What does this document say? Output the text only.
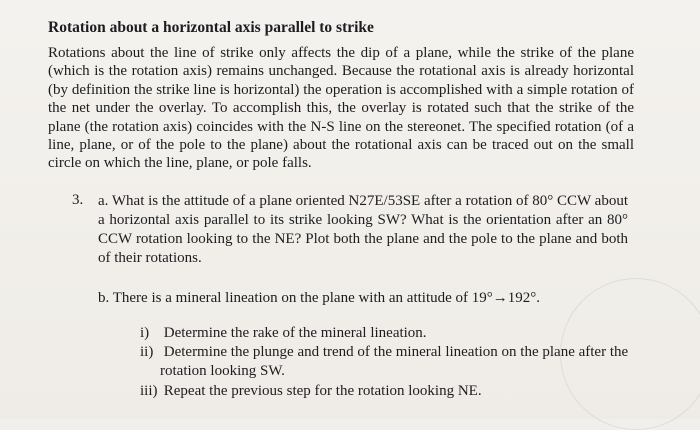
Rotation about a horizontal axis parallel to strike
Rotations about the line of strike only affects the dip of a plane, while the strike of the plane (which is the rotation axis) remains unchanged. Because the rotational axis is already horizontal (by definition the strike line is horizontal) the operation is accomplished with a simple rotation of the net under the overlay. To accomplish this, the overlay is rotated such that the strike of the plane (the rotation axis) coincides with the N-S line on the stereonet. The specified rotation (of a line, plane, or of the pole to the plane) about the rotational axis can be traced out on the small circle on which the line, plane, or pole falls.
3. a. What is the attitude of a plane oriented N27E/53SE after a rotation of 80° CCW about a horizontal axis parallel to its strike looking SW? What is the orientation after an 80° CCW rotation looking to the NE? Plot both the plane and the pole to the plane and both of their rotations.
b. There is a mineral lineation on the plane with an attitude of 19°→192°.
i) Determine the rake of the mineral lineation.
ii) Determine the plunge and trend of the mineral lineation on the plane after the
rotation looking SW.
iii) Repeat the previous step for the rotation looking NE.
